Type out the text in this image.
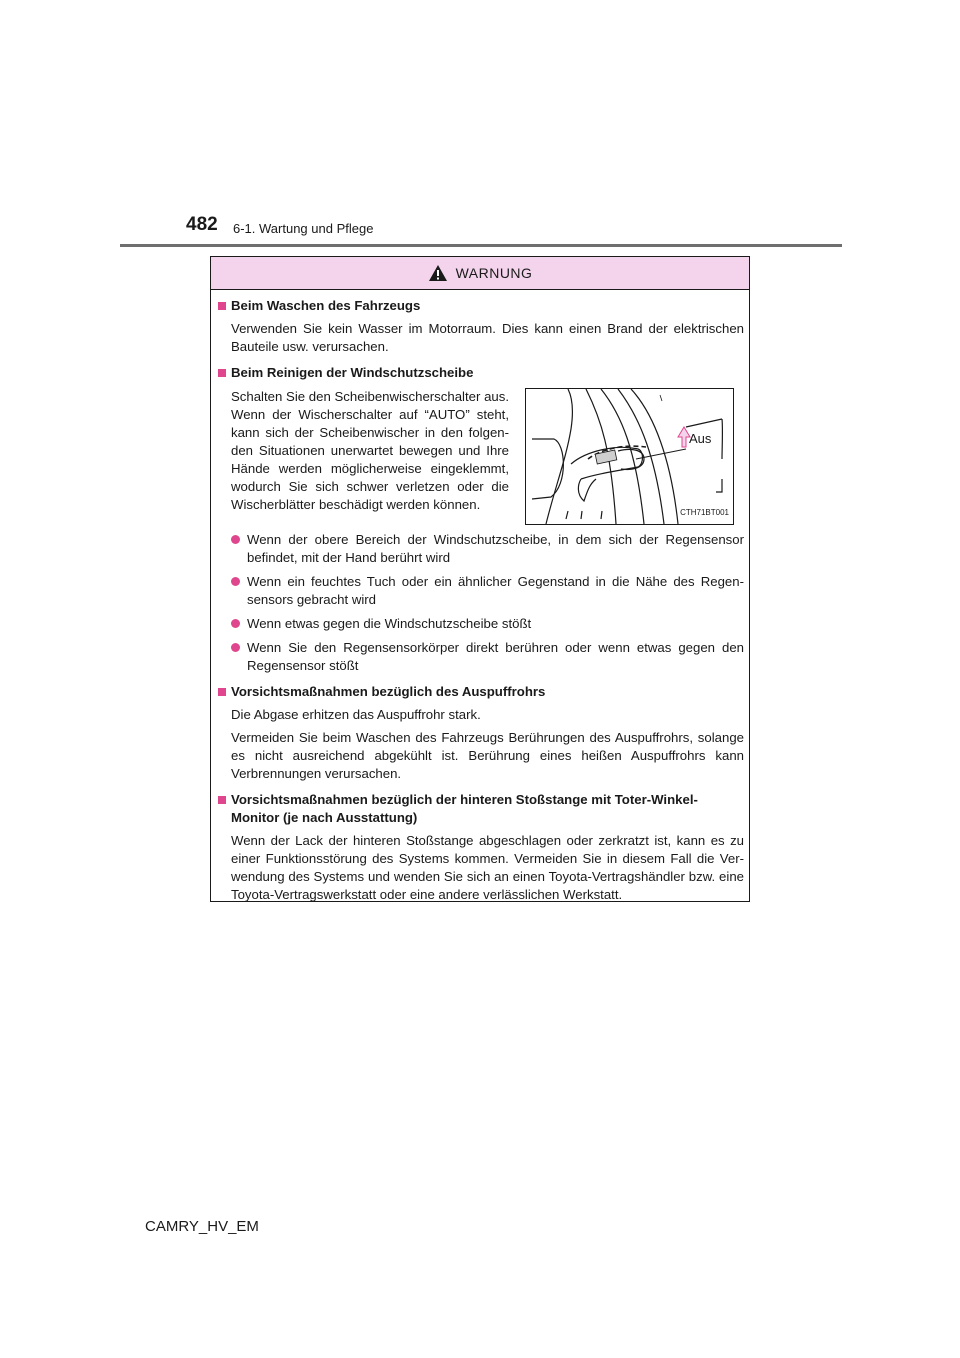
482 6-1. Wartung und Pflege
WARNUNG
Beim Waschen des Fahrzeugs
Verwenden Sie kein Wasser im Motorraum. Dies kann einen Brand der elektrischen Bauteile usw. verursachen.
Beim Reinigen der Windschutzscheibe
Schalten Sie den Scheibenwischerschalter aus. Wenn der Wischerschalter auf “AUTO” steht, kann sich der Scheibenwischer in den folgen-den Situationen unerwartet bewegen und Ihre Hände werden möglicherweise eingeklemmt, wodurch Sie sich schwer verletzen oder die Wischerblätter beschädigt werden können.
Aus
CTH71BT001
Wenn der obere Bereich der Windschutzscheibe, in dem sich der Regensensor befindet, mit der Hand berührt wird
Wenn ein feuchtes Tuch oder ein ähnlicher Gegenstand in die Nähe des Regen-sensors gebracht wird
Wenn etwas gegen die Windschutzscheibe stößt
Wenn Sie den Regensensorkörper direkt berühren oder wenn etwas gegen den Regensensor stößt
Vorsichtsmaßnahmen bezüglich des Auspuffrohrs
Die Abgase erhitzen das Auspuffrohr stark.
Vermeiden Sie beim Waschen des Fahrzeugs Berührungen des Auspuffrohrs, solange es nicht ausreichend abgekühlt ist. Berührung eines heißen Auspuffrohrs kann Verbrennungen verursachen.
Vorsichtsmaßnahmen bezüglich der hinteren Stoßstange mit Toter-Winkel-Monitor (je nach Ausstattung)
Wenn der Lack der hinteren Stoßstange abgeschlagen oder zerkratzt ist, kann es zu einer Funktionsstörung des Systems kommen. Vermeiden Sie in diesem Fall die Ver-wendung des Systems und wenden Sie sich an einen Toyota-Vertragshändler bzw. eine Toyota-Vertragswerkstatt oder eine andere verlässlichen Werkstatt.
CAMRY_HV_EM
